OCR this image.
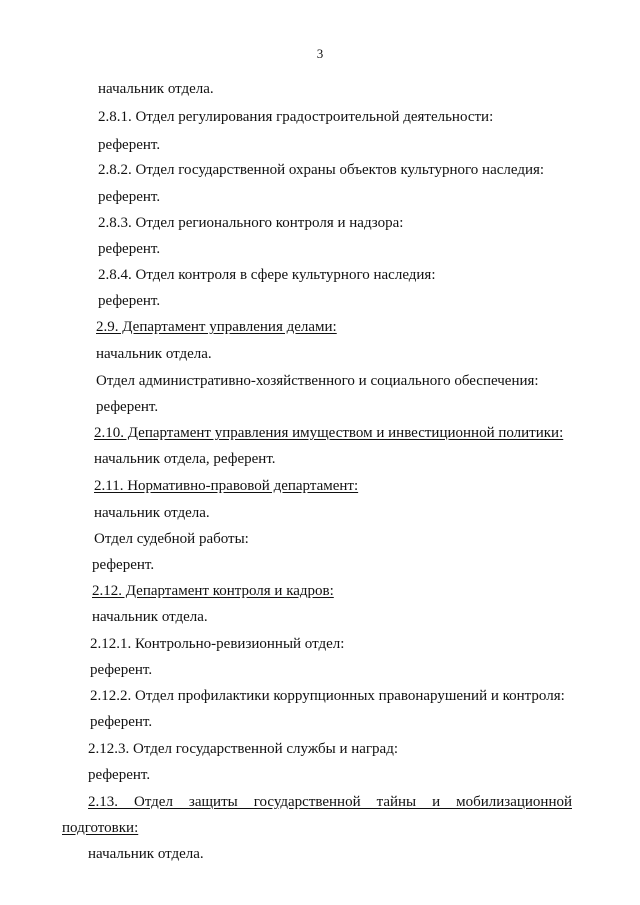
3
начальник отдела.
2.8.1. Отдел регулирования градостроительной деятельности:
референт.
2.8.2. Отдел государственной охраны объектов культурного наследия:
референт.
2.8.3. Отдел регионального контроля и надзора:
референт.
2.8.4. Отдел контроля в сфере культурного наследия:
референт.
2.9. Департамент управления делами:
начальник отдела.
Отдел административно-хозяйственного и социального обеспечения:
референт.
2.10. Департамент управления имуществом и инвестиционной политики:
начальник отдела, референт.
2.11. Нормативно-правовой департамент:
начальник отдела.
Отдел судебной работы:
референт.
2.12. Департамент контроля и кадров:
начальник отдела.
2.12.1. Контрольно-ревизионный отдел:
референт.
2.12.2. Отдел профилактики коррупционных правонарушений и контроля:
референт.
2.12.3. Отдел государственной службы и наград:
референт.
2.13. Отдел защиты государственной тайны и мобилизационной
подготовки:
начальник отдела.
